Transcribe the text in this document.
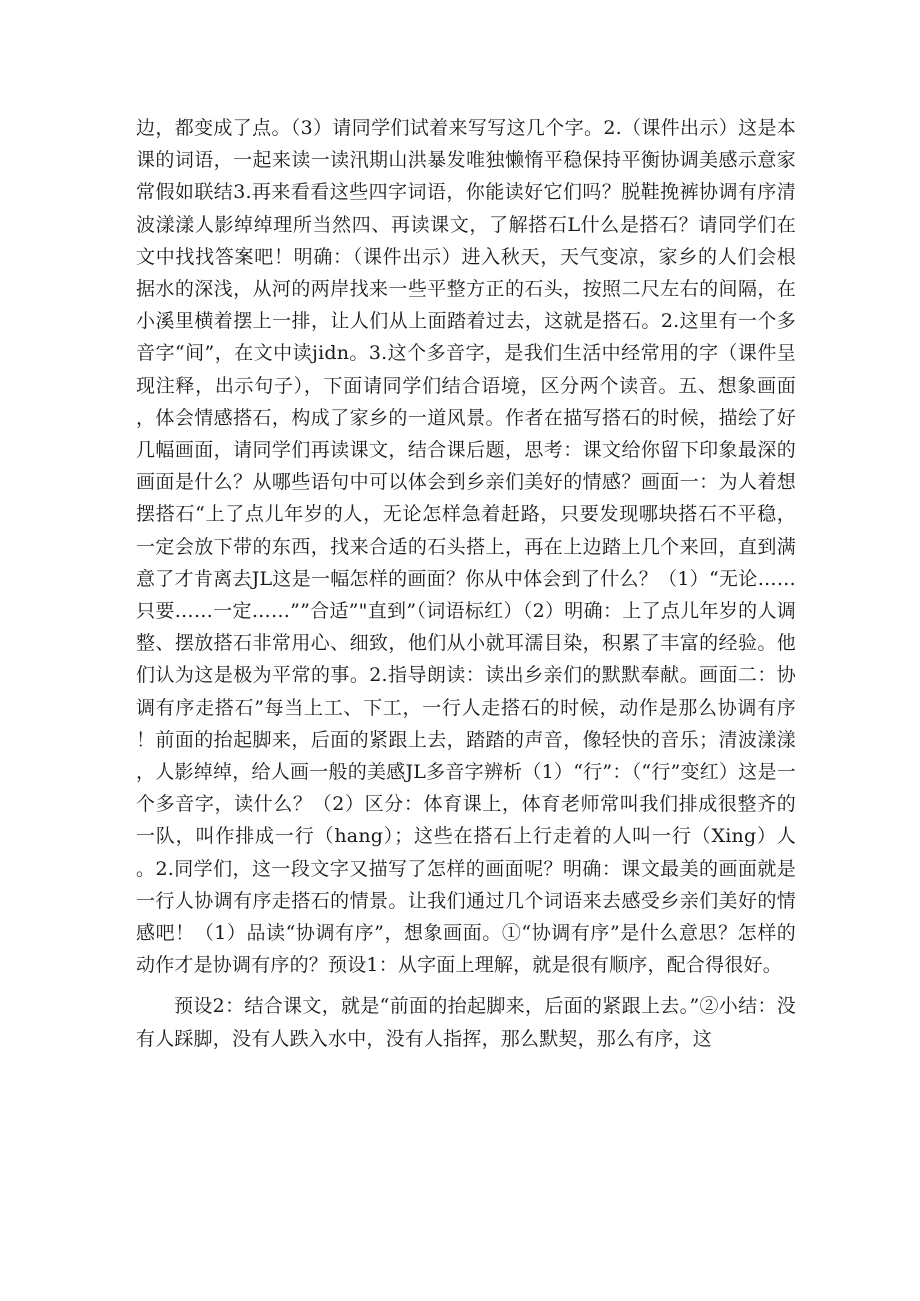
边，都变成了点。（3）请同学们试着来写写这几个字。2.（课件出示）这是本课的词语，一起来读一读汛期山洪暴发唯独懒惰平稳保持平衡协调美感示意家常假如联结3.再来看看这些四字词语，你能读好它们吗？脱鞋挽裤协调有序清波漾漾人影绰绰理所当然四、再读课文，了解搭石L什么是搭石？请同学们在文中找找答案吧！明确：（课件出示）进入秋天，天气变凉，家乡的人们会根据水的深浅，从河的两岸找来一些平整方正的石头，按照二尺左右的间隔，在小溪里横着摆上一排，让人们从上面踏着过去，这就是搭石。2.这里有一个多音字“间”，在文中读jidn。3.这个多音字，是我们生活中经常用的字（课件呈现注释，出示句子），下面请同学们结合语境，区分两个读音。五、想象画面，体会情感搭石，构成了家乡的一道风景。作者在描写搭石的时候，描绘了好几幅画面，请同学们再读课文，结合课后题，思考：课文给你留下印象最深的画面是什么？从哪些语句中可以体会到乡亲们美好的情感？画面一：为人着想摆搭石“上了点儿年岁的人，无论怎样急着赶路，只要发现哪块搭石不平稳，一定会放下带的东西，找来合适的石头搭上，再在上边踏上几个来回，直到满意了才肯离去JL这是一幅怎样的画面？你从中体会到了什么？（1）“无论……只要……一定……””合适”"直到”（词语标红）（2）明确：上了点儿年岁的人调整、摆放搭石非常用心、细致，他们从小就耳濡目染，积累了丰富的经验。他们认为这是极为平常的事。2.指导朗读：读出乡亲们的默默奉献。画面二：协调有序走搭石”每当上工、下工，一行人走搭石的时候，动作是那么协调有序！前面的抬起脚来，后面的紧跟上去，踏踏的声音，像轻快的音乐；清波漾漾，人影绰绰，给人画一般的美感JL多音字辨析（1）“行”：（“行”变红）这是一个多音字，读什么？（2）区分：体育课上，体育老师常叫我们排成很整齐的一队，叫作排成一行（hang）；这些在搭石上行走着的人叫一行（Xing）人。2.同学们，这一段文字又描写了怎样的画面呢？明确：课文最美的画面就是一行人协调有序走搭石的情景。让我们通过几个词语来去感受乡亲们美好的情感吧！（1）品读“协调有序”，想象画面。①“协调有序”是什么意思？怎样的动作才是协调有序的？预设1：从字面上理解，就是很有顺序，配合得很好。

预设2：结合课文，就是“前面的抬起脚来，后面的紧跟上去。”②小结：没有人踩脚，没有人跌入水中，没有人指挥，那么默契，那么有序，这
